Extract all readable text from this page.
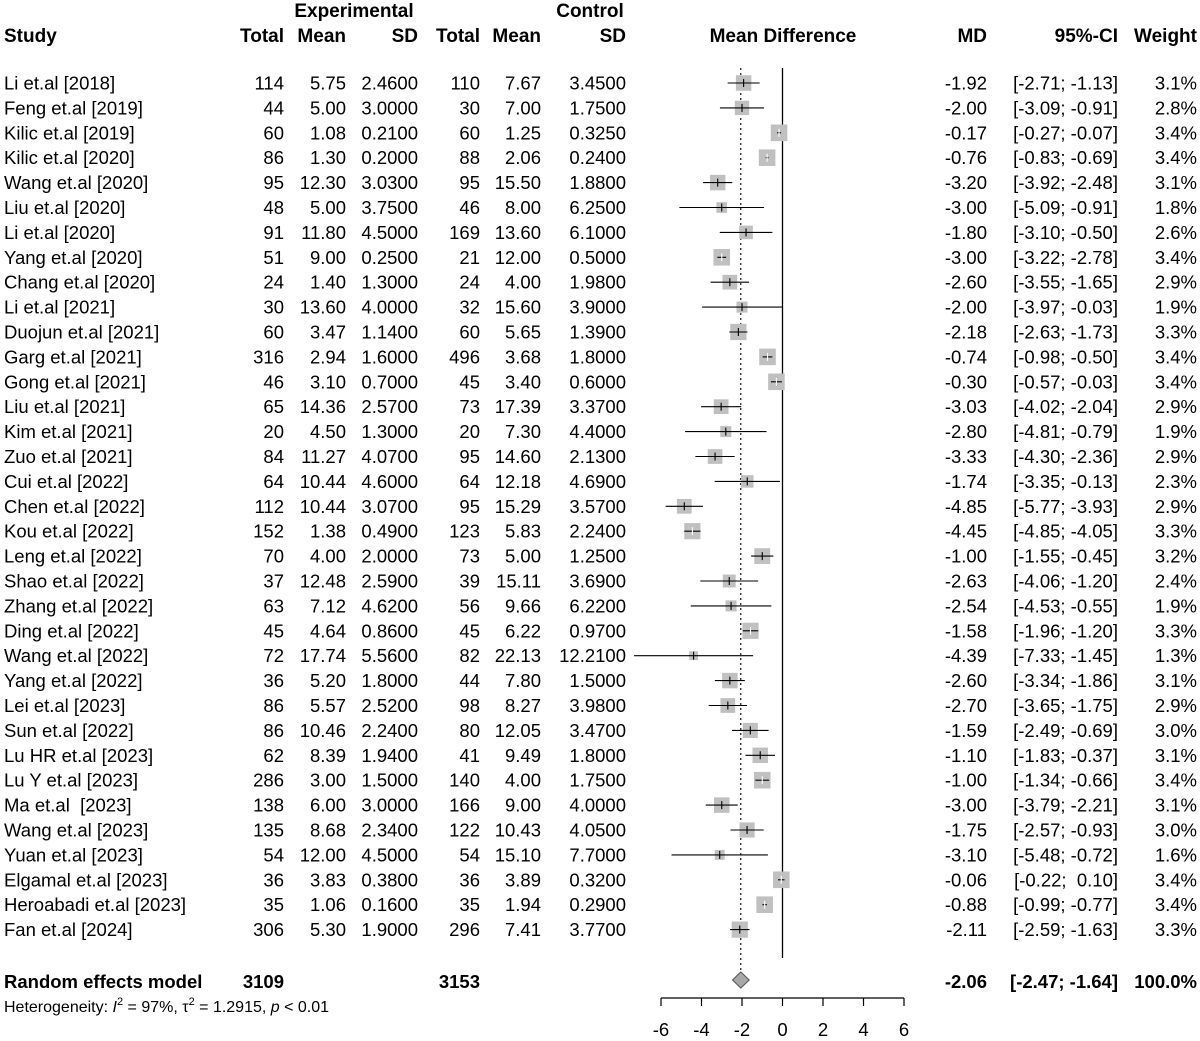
Experimental	Control
Study	Total Mean SD Total Mean	SD	Mean Difference	MD	95%-CI Weight
Li et.al [2018]	114 5.75 2.4600 110 7.67 3.4500	-1.92 [-2.71; -1.13] 3.1%
Feng et.al [2019]	44 5.00 3.0000 30 7.00 1.7500	-2.00 [-3.09; -0.91] 2.8%
Kilic et.al [2019]	60 1.08 0.2100 60 1.25 0.3250	-0.17 [-0.27; -0.07] 3.4%
Kilic et.al [2020]	86 1.30 0.2000 88 2.06 0.2400	-0.76 [-0.83; -0.69] 3.4%
Wang et.al [2020]	95 12.30 3.0300 95 15.50 1.8800	-3.20 [-3.92; -2.48] 3.1%
Liu et.al [2020]	48 5.00 3.7500 46 8.00 6.2500	-3.00 [-5.09; -0.91] 1.8%
Li et.al [2020]	91 11.80 4.5000 169 13.60 6.1000	-1.80 [-3.10; -0.50] 2.6%
Yang et.al [2020]	51 9.00 0.2500 21 12.00 0.5000	-3.00 [-3.22; -2.78] 3.4%
Chang et.al [2020]	24 1.40 1.3000 24 4.00 1.9800	-2.60 [-3.55; -1.65] 2.9%
Li et.al [2021]	30 13.60 4.0000 32 15.60 3.9000	-2.00 [-3.97; -0.03] 1.9%
Duojun et.al [2021]	60 3.47 1.1400 60 5.65 1.3900	-2.18 [-2.63; -1.73] 3.3%
Garg et.al [2021]	316 2.94 1.6000 496 3.68 1.8000	-0.74 [-0.98; -0.50] 3.4%
Gong et.al [2021]	46 3.10 0.7000 45 3.40 0.6000	-0.30 [-0.57; -0.03] 3.4%
Liu et.al [2021]	65 14.36 2.5700 73 17.39 3.3700	-3.03 [-4.02; -2.04] 2.9%
Kim et.al [2021]	20 4.50 1.3000 20 7.30 4.4000	-2.80 [-4.81; -0.79] 1.9%
Zuo et.al [2021]	84 11.27 4.0700 95 14.60 2.1300	-3.33 [-4.30; -2.36] 2.9%
Cui et.al [2022]	64 10.44 4.6000 64 12.18 4.6900	-1.74 [-3.35; -0.13] 2.3%
Chen et.al [2022]	112 10.44 3.0700 95 15.29 3.5700	-4.85 [-5.77; -3.93] 2.9%
Kou et.al [2022]	152 1.38 0.4900 123 5.83 2.2400	-4.45 [-4.85; -4.05] 3.3%
Leng et.al [2022]	70 4.00 2.0000 73 5.00 1.2500	-1.00 [-1.55; -0.45] 3.2%
Shao et.al [2022]	37 12.48 2.5900 39 15.11 3.6900	-2.63 [-4.06; -1.20] 2.4%
Zhang et.al [2022]	63 7.12 4.6200 56 9.66 6.2200	-2.54 [-4.53; -0.55] 1.9%
Ding et.al [2022]	45 4.64 0.8600 45 6.22 0.9700	-1.58 [-1.96; -1.20] 3.3%
Wang et.al [2022]	72 17.74 5.5600 82 22.13 12.2100	-4.39 [-7.33; -1.45] 1.3%
Yang et.al [2022]	36 5.20 1.8000 44 7.80 1.5000	-2.60 [-3.34; -1.86] 3.1%
Lei et.al [2023]	86 5.57 2.5200 98 8.27 3.9800	-2.70 [-3.65; -1.75] 2.9%
Sun et.al [2022]	86 10.46 2.2400 80 12.05 3.4700	-1.59 [-2.49; -0.69] 3.0%
Lu HR et.al [2023]	62 8.39 1.9400 41 9.49 1.8000	-1.10 [-1.83; -0.37] 3.1%
Lu Y et.al [2023]	286 3.00 1.5000 140 4.00 1.7500	-1.00 [-1.34; -0.66] 3.4%
Ma et.al  [2023]	138 6.00 3.0000 166 9.00 4.0000	-3.00 [-3.79; -2.21] 3.1%
Wang et.al [2023]	135 8.68 2.3400 122 10.43 4.0500	-1.75 [-2.57; -0.93] 3.0%
Yuan et.al [2023]	54 12.00 4.5000 54 15.10 7.7000	-3.10 [-5.48; -0.72] 1.6%
Elgamal et.al [2023]	36 3.83 0.3800 36 3.89 0.3200	-0.06 [-0.22;  0.10] 3.4%
Heroabadi et.al [2023]	35 1.06 0.1600 35 1.94 0.2900	-0.88 [-0.99; -0.77] 3.4%
Fan et.al [2024]	306 5.30 1.9000 296 7.41 3.7700	-2.11 [-2.59; -1.63] 3.3%
-6 -4 -2 0 2 4 6
Random effects model 3109	3153	-2.06 [-2.47; -1.64] 100.0%
Heterogeneity: $I^2 = 97\%$, $\tau^2 = 1.2915$, p < 0.01
